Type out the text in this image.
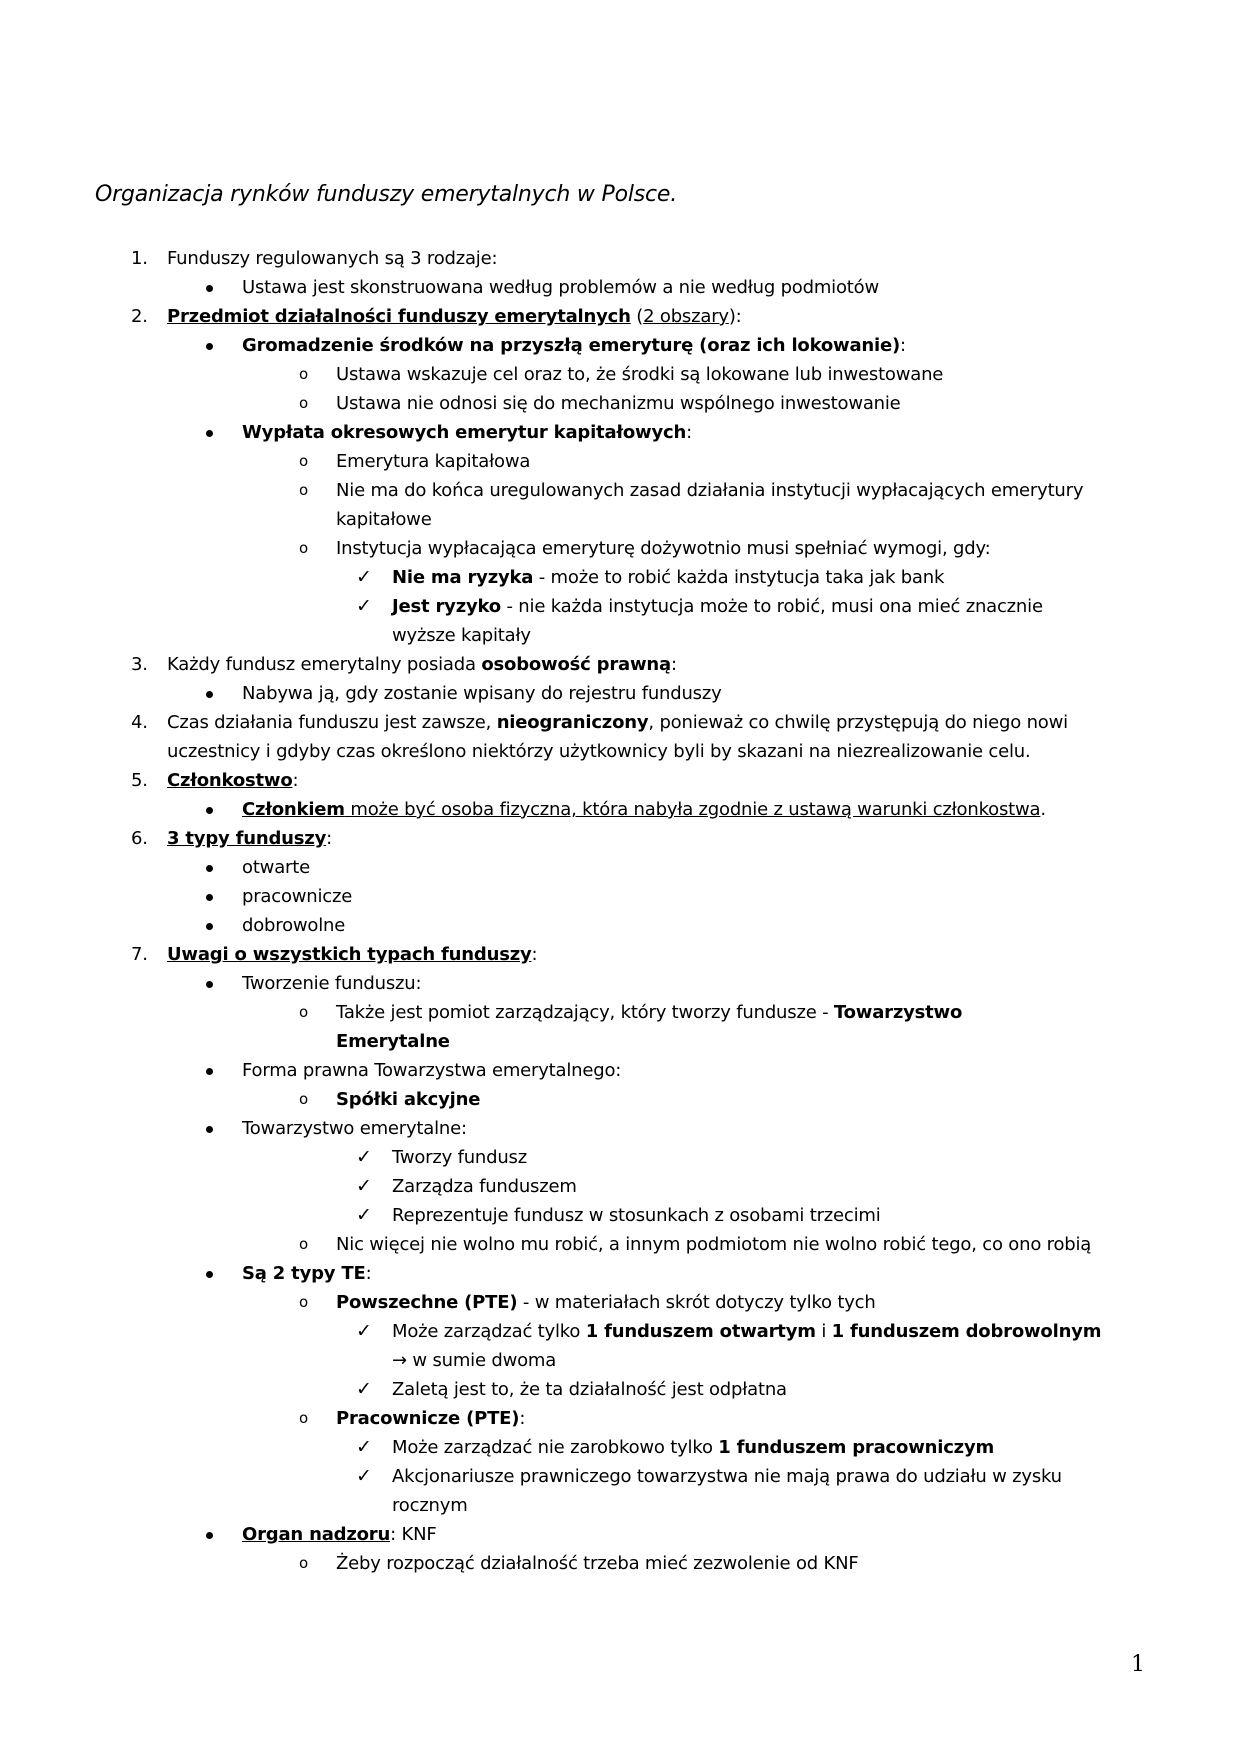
Organizacja rynków funduszy emerytalnych w Polsce.
1. Funduszy regulowanych są 3 rodzaje:
Ustawa jest skonstruowana według problemów a nie według podmiotów
2. Przedmiot działalności funduszy emerytalnych (2 obszary):
Gromadzenie środków na przyszłą emeryturę (oraz ich lokowanie):
o Ustawa wskazuje cel oraz to, że środki są lokowane lub inwestowane
o Ustawa nie odnosi się do mechanizmu wspólnego inwestowanie
Wypłata okresowych emerytur kapitałowych:
o Emerytura kapitałowa
o Nie ma do końca uregulowanych zasad działania instytucji wypłacających emerytury
kapitałowe
o Instytucja wypłacająca emeryturę dożywotnio musi spełniać wymogi, gdy:
✓ Nie ma ryzyka - może to robić każda instytucja taka jak bank
✓ Jest ryzyko - nie każda instytucja może to robić, musi ona mieć znacznie
wyższe kapitały
3. Każdy fundusz emerytalny posiada osobowość prawną:
Nabywa ją, gdy zostanie wpisany do rejestru funduszy
4. Czas działania funduszu jest zawsze, nieograniczony, ponieważ co chwilę przystępują do niego nowi
uczestnicy i gdyby czas określono niektórzy użytkownicy byli by skazani na niezrealizowanie celu.
5. Członkostwo:
Członkiem może być osoba fizyczna, która nabyła zgodnie z ustawą warunki członkostwa.
6. 3 typy funduszy:
otwarte
pracownicze
dobrowolne
7. Uwagi o wszystkich typach funduszy:
Tworzenie funduszu:
o Także jest pomiot zarządzający, który tworzy fundusze - Towarzystwo
Emerytalne
Forma prawna Towarzystwa emerytalnego:
o Spółki akcyjne
Towarzystwo emerytalne:
✓ Tworzy fundusz
✓ Zarządza funduszem
✓ Reprezentuje fundusz w stosunkach z osobami trzecimi
o Nic więcej nie wolno mu robić, a innym podmiotom nie wolno robić tego, co ono robią
Są 2 typy TE:
o Powszechne (PTE) - w materiałach skrót dotyczy tylko tych
✓ Może zarządzać tylko 1 funduszem otwartym i 1 funduszem dobrowolnym
→ w sumie dwoma
✓ Zaletą jest to, że ta działalność jest odpłatna
o Pracownicze (PTE):
✓ Może zarządzać nie zarobkowo tylko 1 funduszem pracowniczym
✓ Akcjonariusze prawniczego towarzystwa nie mają prawa do udziału w zysku
rocznym
Organ nadzoru: KNF
o Żeby rozpocząć działalność trzeba mieć zezwolenie od KNF
1
